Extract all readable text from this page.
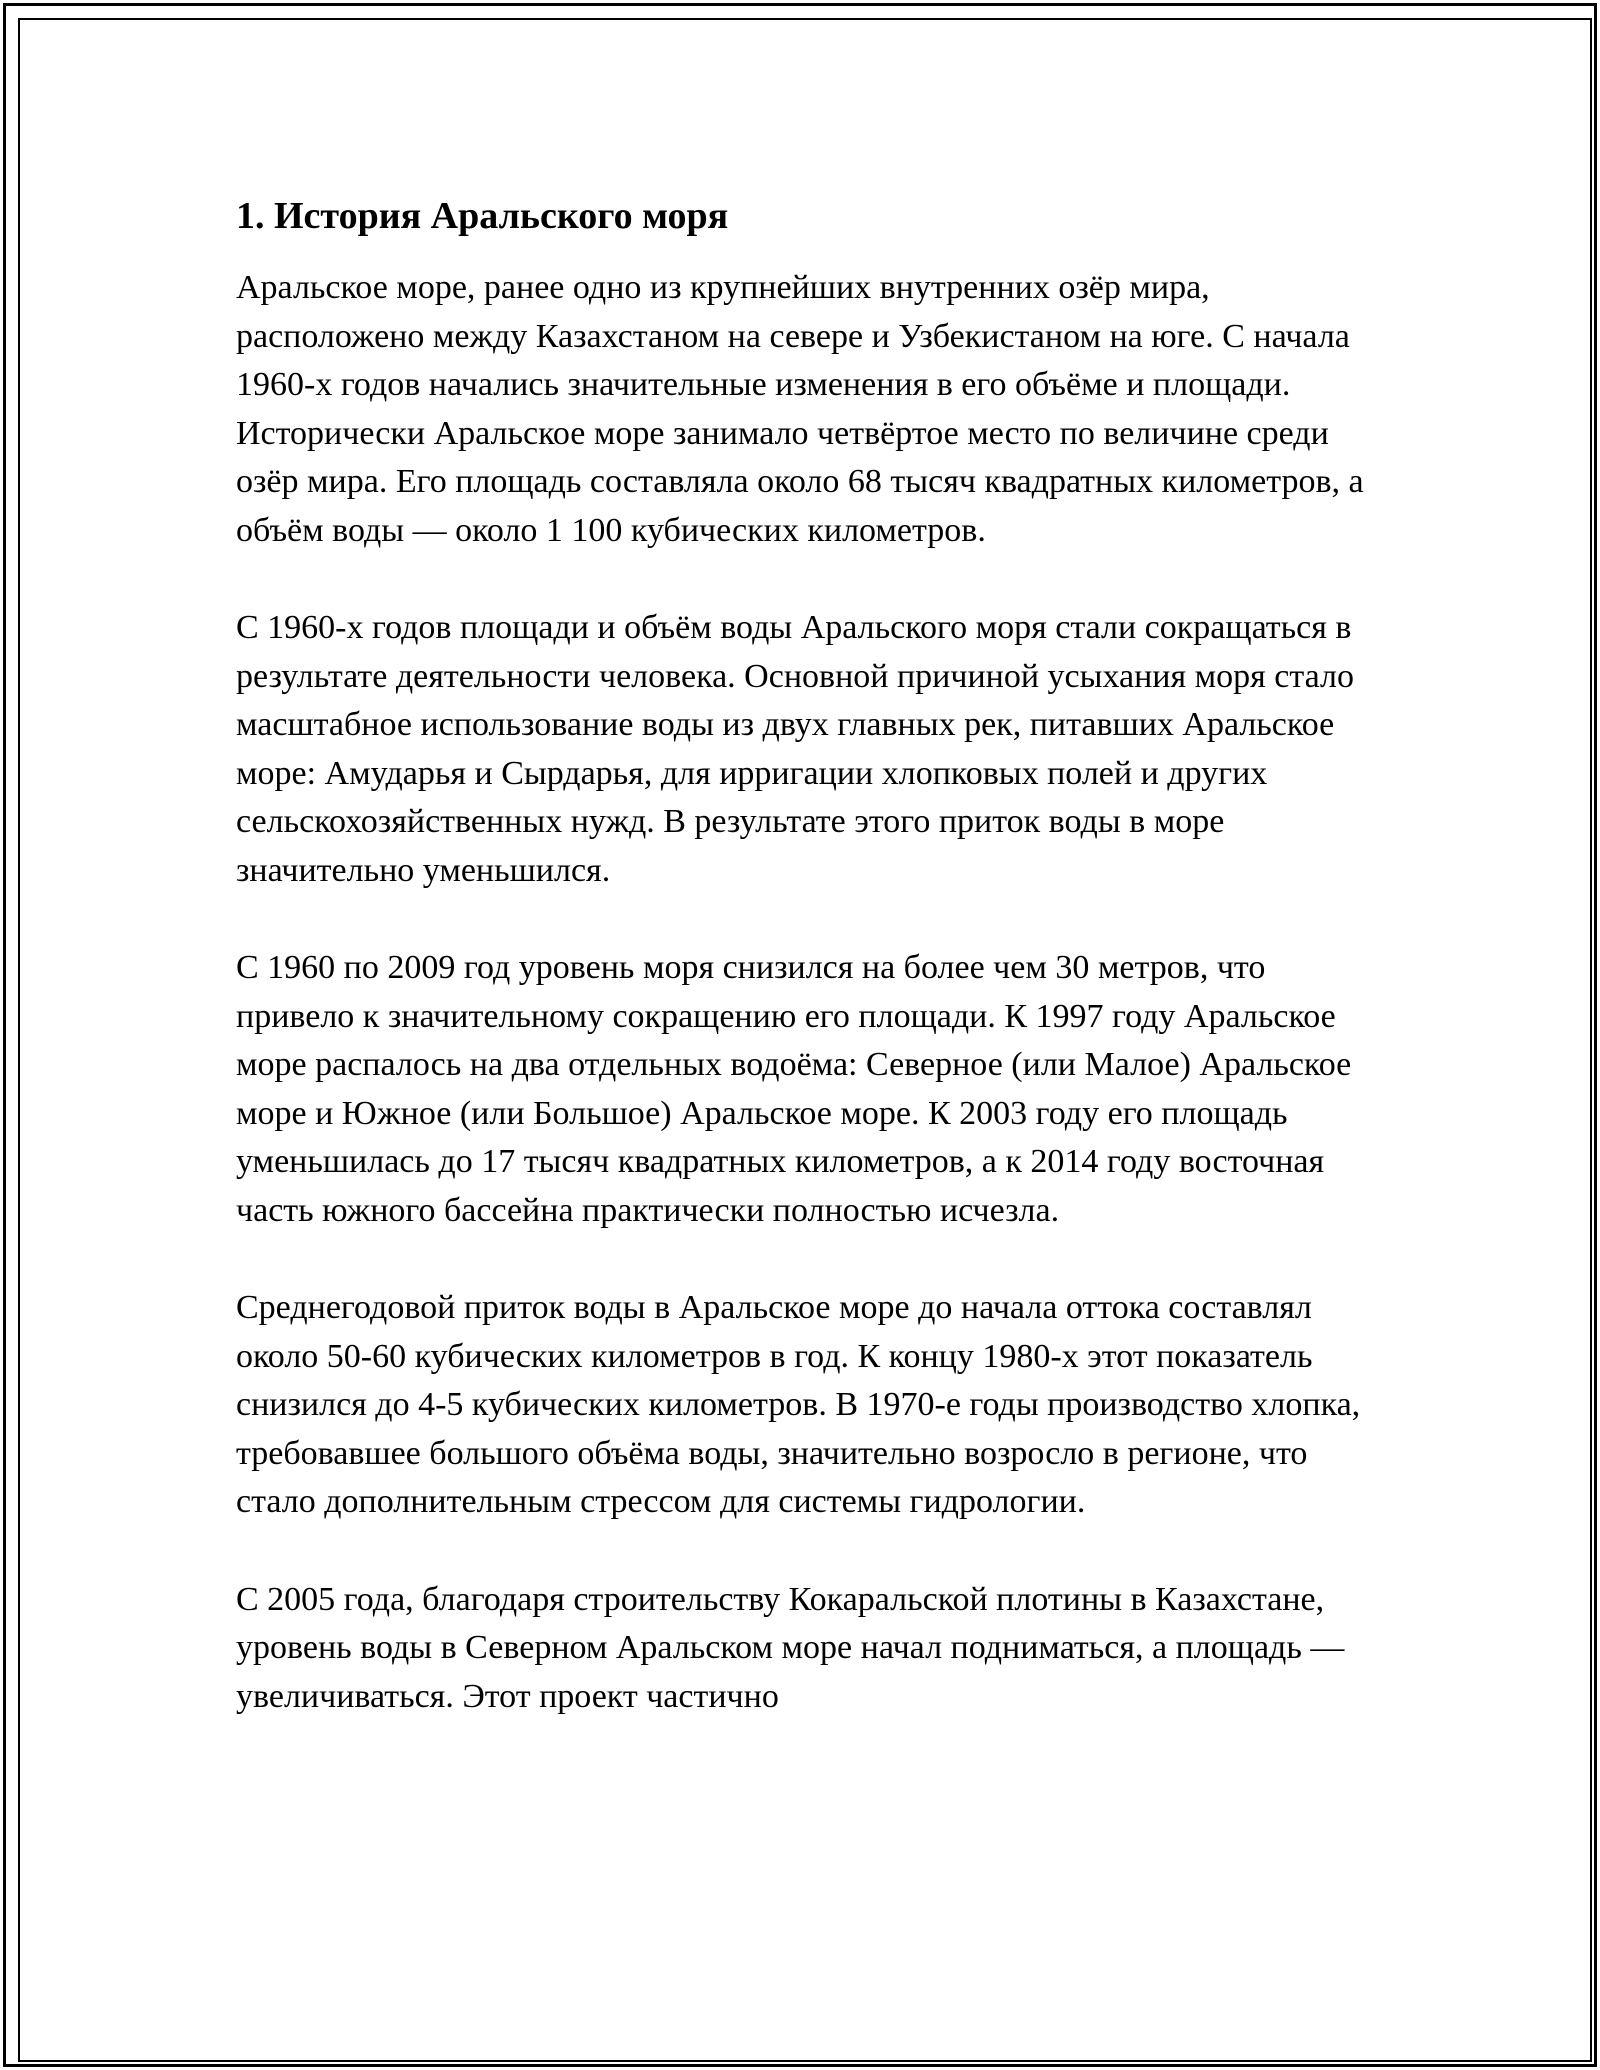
1. История Аральского моря

Аральское море, ранее одно из крупнейших внутренних озёр мира, расположено между Казахстаном на севере и Узбекистаном на юге. С начала 1960-х годов начались значительные изменения в его объёме и площади. Исторически Аральское море занимало четвёртое место по величине среди озёр мира. Его площадь составляла около 68 тысяч квадратных километров, а объём воды — около 1 100 кубических километров.

С 1960-х годов площади и объём воды Аральского моря стали сокращаться в результате деятельности человека. Основной причиной усыхания моря стало масштабное использование воды из двух главных рек, питавших Аральское море: Амударья и Сырдарья, для ирригации хлопковых полей и других сельскохозяйственных нужд. В результате этого приток воды в море значительно уменьшился.

С 1960 по 2009 год уровень моря снизился на более чем 30 метров, что привело к значительному сокращению его площади. К 1997 году Аральское море распалось на два отдельных водоёма: Северное (или Малое) Аральское море и Южное (или Большое) Аральское море. К 2003 году его площадь уменьшилась до 17 тысяч квадратных километров, а к 2014 году восточная часть южного бассейна практически полностью исчезла.

Среднегодовой приток воды в Аральское море до начала оттока составлял около 50-60 кубических километров в год. К концу 1980-х этот показатель снизился до 4-5 кубических километров. В 1970-е годы производство хлопка, требовавшее большого объёма воды, значительно возросло в регионе, что стало дополнительным стрессом для системы гидрологии.

С 2005 года, благодаря строительству Кокаральской плотины в Казахстане, уровень воды в Северном Аральском море начал подниматься, а площадь — увеличиваться. Этот проект частично
